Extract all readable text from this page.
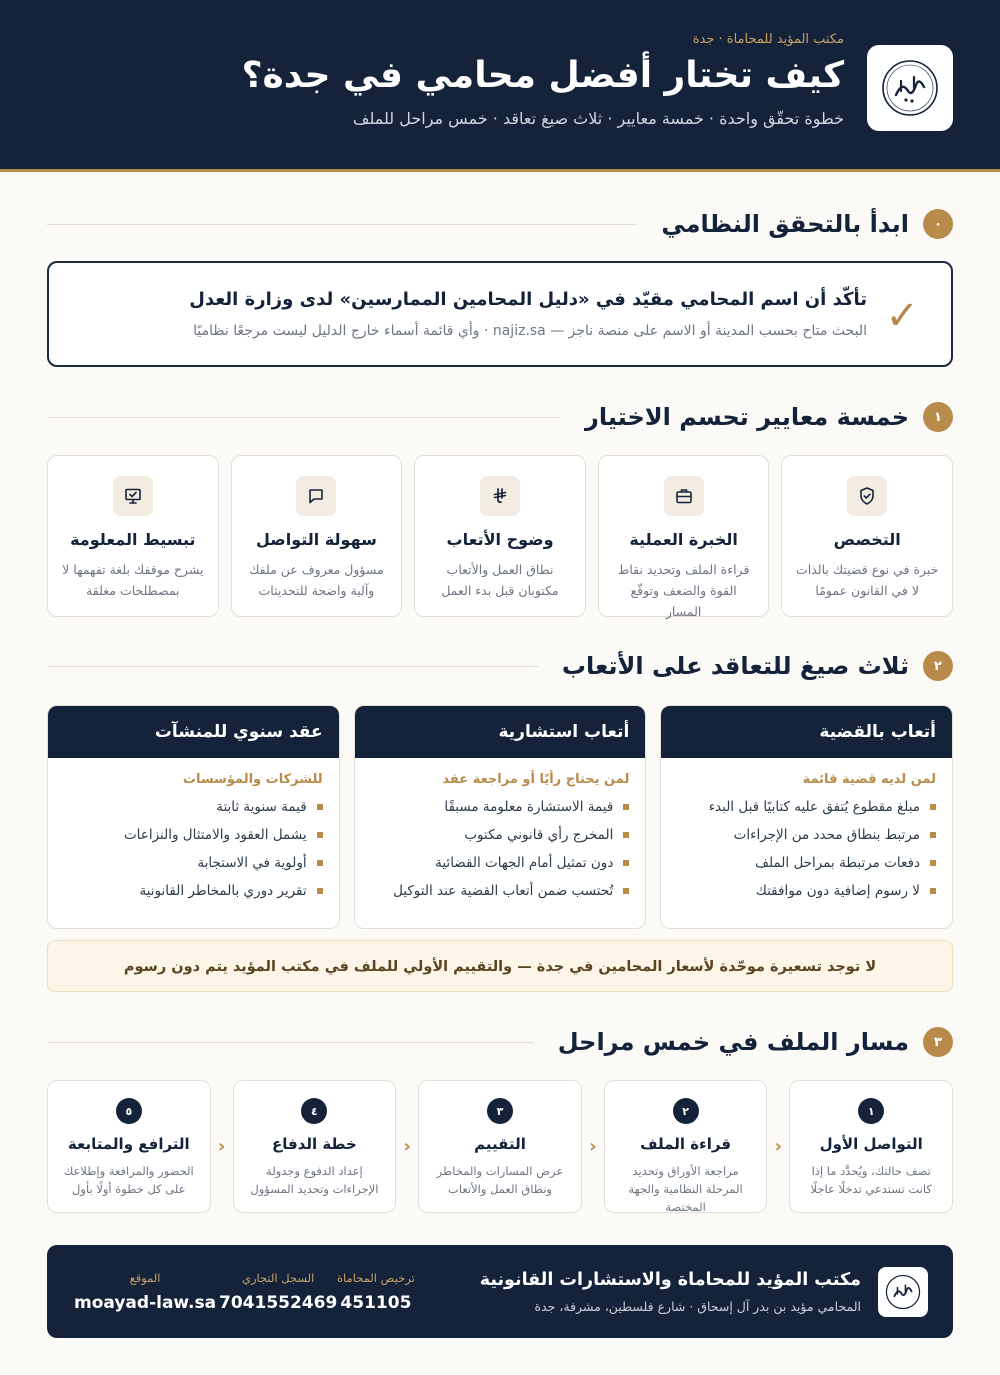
مكتب المؤيد للمحاماة · جدة
كيف تختار أفضل محامي في جدة؟
خطوة تحقّق واحدة · خمسة معايير · ثلاث صيغ تعاقد · خمس مراحل للملف
٠
ابدأ بالتحقق النظامي
✓
تأكّد أن اسم المحامي مقيّد في «دليل المحامين الممارسين» لدى وزارة العدل
البحث متاح بحسب المدينة أو الاسم على منصة ناجز — najiz.sa · وأي قائمة أسماء خارج الدليل ليست مرجعًا نظاميًا
١
خمسة معايير تحسم الاختيار
التخصص
خبرة في نوع قضيتك بالذات لا في القانون عمومًا
الخبرة العملية
قراءة الملف وتحديد نقاط القوة والضعف وتوقّع المسار
وضوح الأتعاب
نطاق العمل والأتعاب مكتوبان قبل بدء العمل
سهولة التواصل
مسؤول معروف عن ملفك وآلية واضحة للتحديثات
تبسيط المعلومة
يشرح موقفك بلغة تفهمها لا بمصطلحات مغلقة
٢
ثلاث صيغ للتعاقد على الأتعاب
أتعاب بالقضية
لمن لديه قضية قائمة
مبلغ مقطوع يُتفق عليه كتابيًا قبل البدء
مرتبط بنطاق محدد من الإجراءات
دفعات مرتبطة بمراحل الملف
لا رسوم إضافية دون موافقتك
أتعاب استشارية
لمن يحتاج رأيًا أو مراجعة عقد
قيمة الاستشارة معلومة مسبقًا
المخرج رأي قانوني مكتوب
دون تمثيل أمام الجهات القضائية
تُحتسب ضمن أتعاب القضية عند التوكيل
عقد سنوي للمنشآت
للشركات والمؤسسات
قيمة سنوية ثابتة
يشمل العقود والامتثال والنزاعات
أولوية في الاستجابة
تقرير دوري بالمخاطر القانونية
لا توجد تسعيرة موحّدة لأسعار المحامين في جدة — والتقييم الأولي للملف في مكتب المؤيد يتم دون رسوم
٣
مسار الملف في خمس مراحل
١
التواصل الأول
تصف حالتك، ويُحدَّد ما إذا كانت تستدعي تدخلًا عاجلًا
‹
٢
قراءة الملف
مراجعة الأوراق وتحديد المرحلة النظامية والجهة المختصة
‹
٣
التقييم
عرض المسارات والمخاطر ونطاق العمل والأتعاب
‹
٤
خطة الدفاع
إعداد الدفوع وجدولة الإجراءات وتحديد المسؤول
‹
٥
الترافع والمتابعة
الحضور والمرافعة وإطلاعك على كل خطوة أولًا بأول
مكتب المؤيد للمحاماة والاستشارات القانونية
المحامي مؤيد بن بدر آل إسحاق · شارع فلسطين، مشرفة، جدة
ترخيص المحاماة
451105
السجل التجاري
7041552469
الموقع
moayad-law.sa
